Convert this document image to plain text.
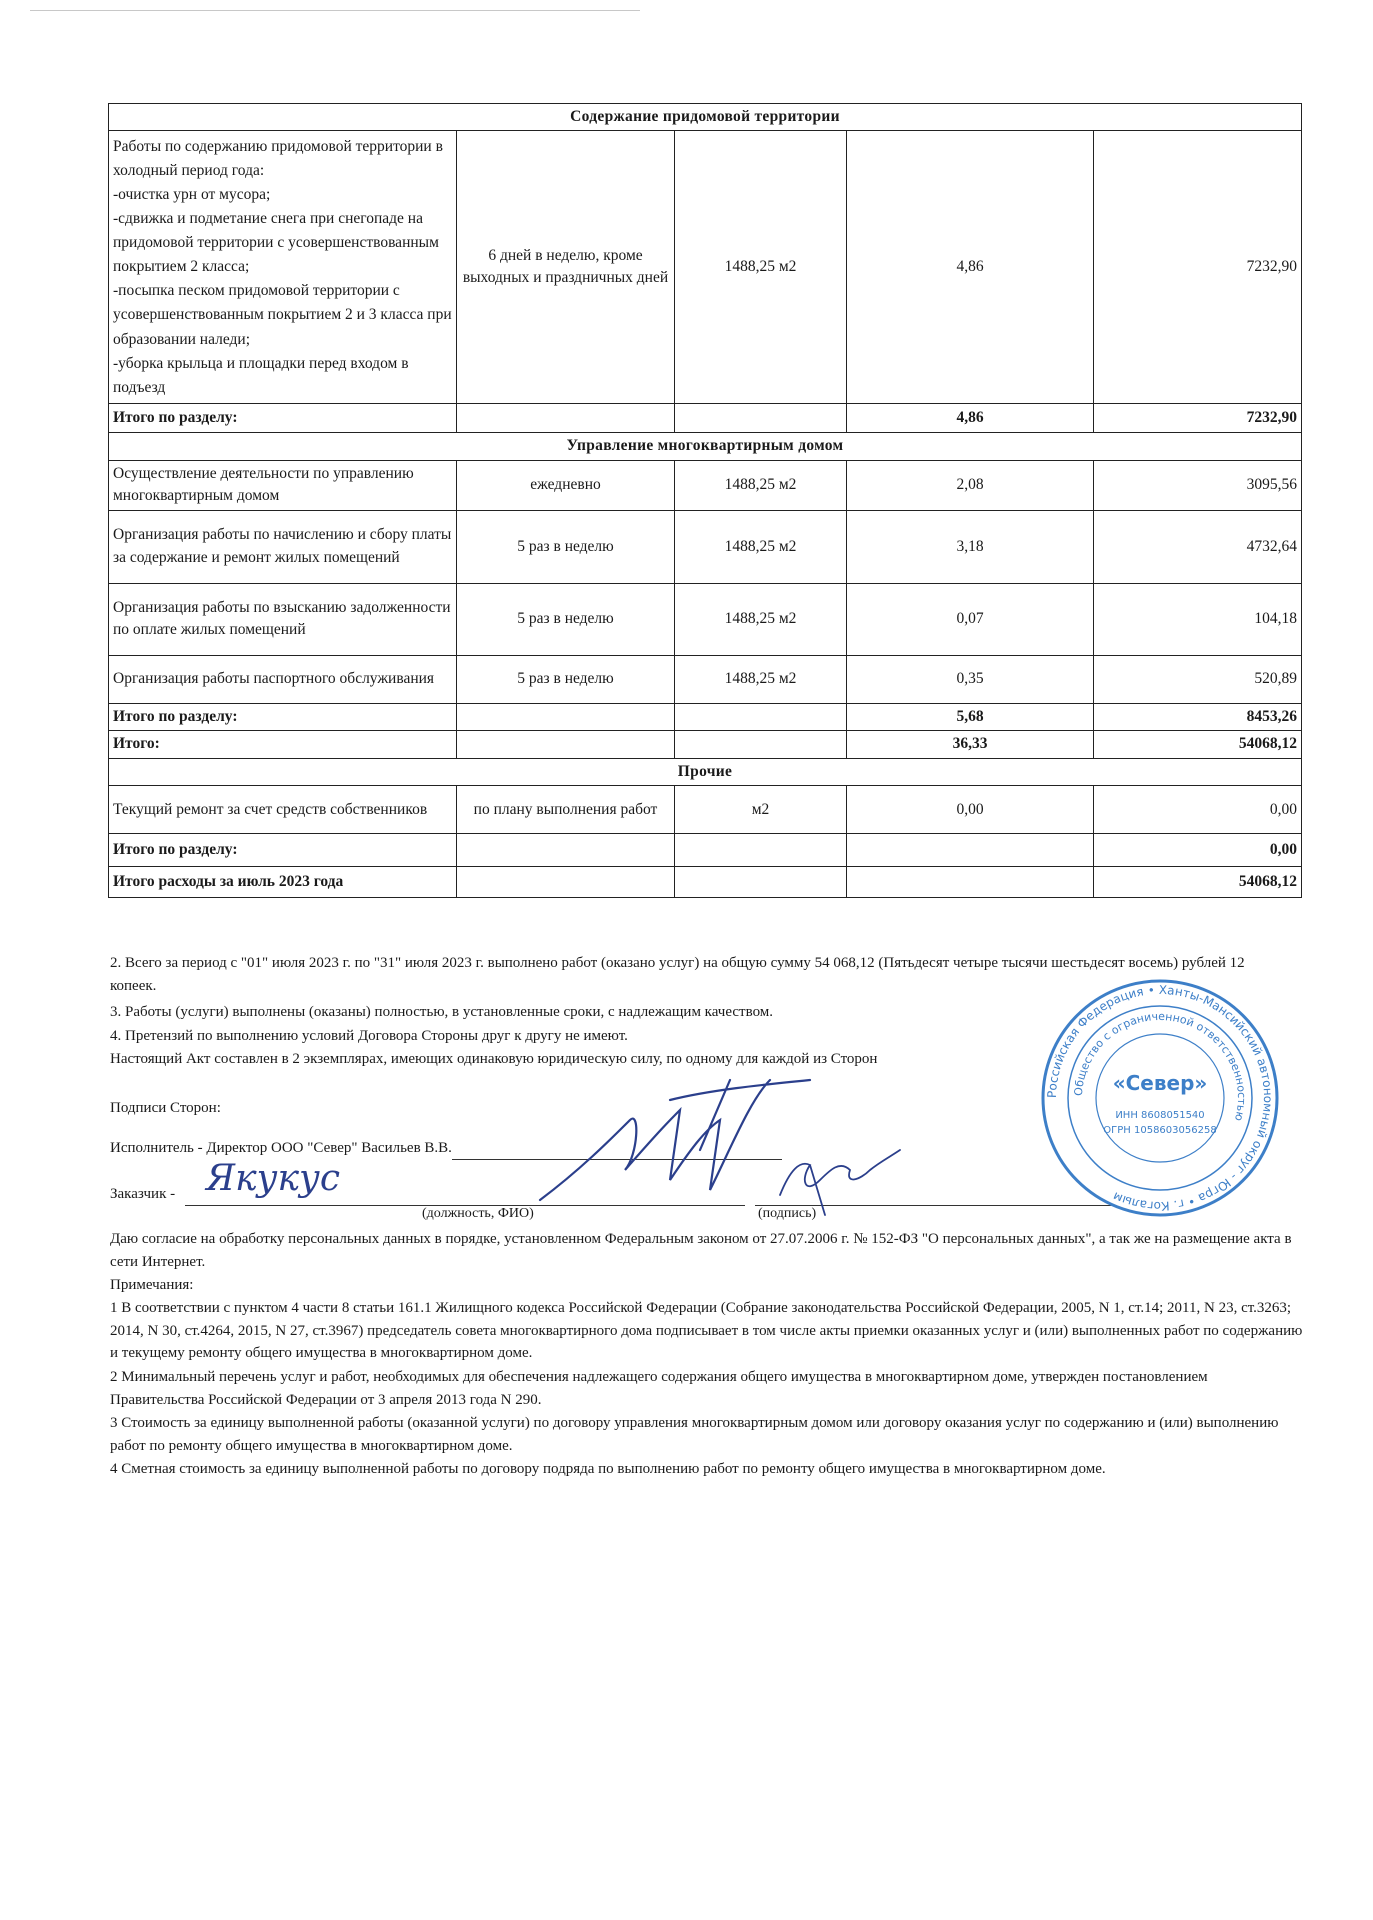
Содержание придомовой территории				
Работы по содержанию придомовой территории в холодный период года:
-очистка урн от мусора;
-сдвижка и подметание снега при снегопаде на придомовой территории с усовершенствованным покрытием 2 класса;
-посыпка песком придомовой территории с усовершенствованным покрытием 2 и 3 класса при образовании наледи;
-уборка крыльца и площадки перед входом в подъезд	6 дней в неделю, кроме выходных и праздничных дней	1488,25 м2	4,86	7232,90
Итого по разделу:			4,86	7232,90
Управление многоквартирным домом				
Осуществление деятельности по управлению многоквартирным домом	ежедневно	1488,25 м2	2,08	3095,56
Организация работы по начислению и сбору платы за содержание и ремонт жилых помещений	5 раз в неделю	1488,25 м2	3,18	4732,64
Организация работы по взысканию задолженности по оплате жилых помещений	5 раз в неделю	1488,25 м2	0,07	104,18
Организация работы паспортного обслуживания	5 раз в неделю	1488,25 м2	0,35	520,89
Итого по разделу:			5,68	8453,26
Итого:			36,33	54068,12
Прочие				
Текущий ремонт за счет средств собственников	по плану выполнения работ	м2	0,00	0,00
Итого по разделу:				0,00
Итого расходы за июль 2023 года				54068,12
2. Всего за период с "01" июля 2023 г. по "31" июля 2023 г. выполнено работ (оказано услуг) на общую сумму 54 068,12 (Пятьдесят четыре тысячи шестьдесят восемь) рублей 12 копеек.
3. Работы (услуги) выполнены (оказаны) полностью, в установленные сроки, с надлежащим качеством.
4. Претензий по выполнению условий Договора Стороны друг к другу не имеют.
Настоящий Акт составлен в 2 экземплярах, имеющих одинаковую юридическую силу, по одному для каждой из Сторон
Подписи Сторон:
Исполнитель - Директор ООО "Север" Васильев В.В.
Заказчик -
(должность, ФИО)	(подпись)
Даю согласие на обработку персональных данных в порядке, установленном Федеральным законом от 27.07.2006 г. № 152-ФЗ "О персональных данных", а так же на размещение акта в сети Интернет.
Примечания:
1 В соответствии с пунктом 4 части 8 статьи 161.1 Жилищного кодекса Российской Федерации (Собрание законодательства Российской Федерации, 2005, N 1, ст.14; 2011, N 23, ст.3263; 2014, N 30, ст.4264, 2015, N 27, ст.3967) председатель совета многоквартирного дома подписывает в том числе акты приемки оказанных услуг и (или) выполненных работ по содержанию и текущему ремонту общего имущества в многоквартирном доме.
2 Минимальный перечень услуг и работ, необходимых для обеспечения надлежащего содержания общего имущества в многоквартирном доме, утвержден постановлением Правительства Российской Федерации от 3 апреля 2013 года N 290.
3 Стоимость за единицу выполненной работы (оказанной услуги) по договору управления многоквартирным домом или договору оказания услуг по содержанию и (или) выполнению работ по ремонту общего имущества в многоквартирном доме.
4 Сметная стоимость за единицу выполненной работы по договору подряда по выполнению работ по ремонту общего имущества в многоквартирном доме.
Якукус
Российская Федерация • Ханты-Мансийский автономный округ - Югра • г. Когалым
Общество с ограниченной ответственностью
«Север»
ИНН 8608051540
ОГРН 1058603056258
